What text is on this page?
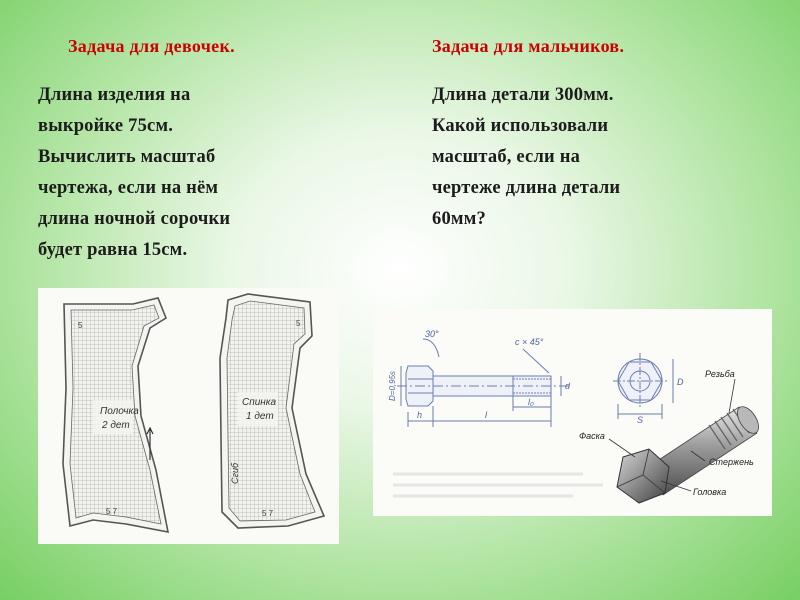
Задача для девочек.

Длина изделия на
выкройке 75см.
Вычислить масштаб
чертежа, если на нём
длина ночной сорочки
будет равна 15см.

Задача для мальчиков.

Длина детали 300мм.
Какой использовали
масштаб, если на
чертеже длина детали
60мм?

Полочка
2 дет
5
5 7
Спинка
1 дет
Сгиб
5
5 7
30°
c × 45°
D=0,95s	d
h	l
l₀
S
D
Резьба
Фаска
Стержень
Головка
